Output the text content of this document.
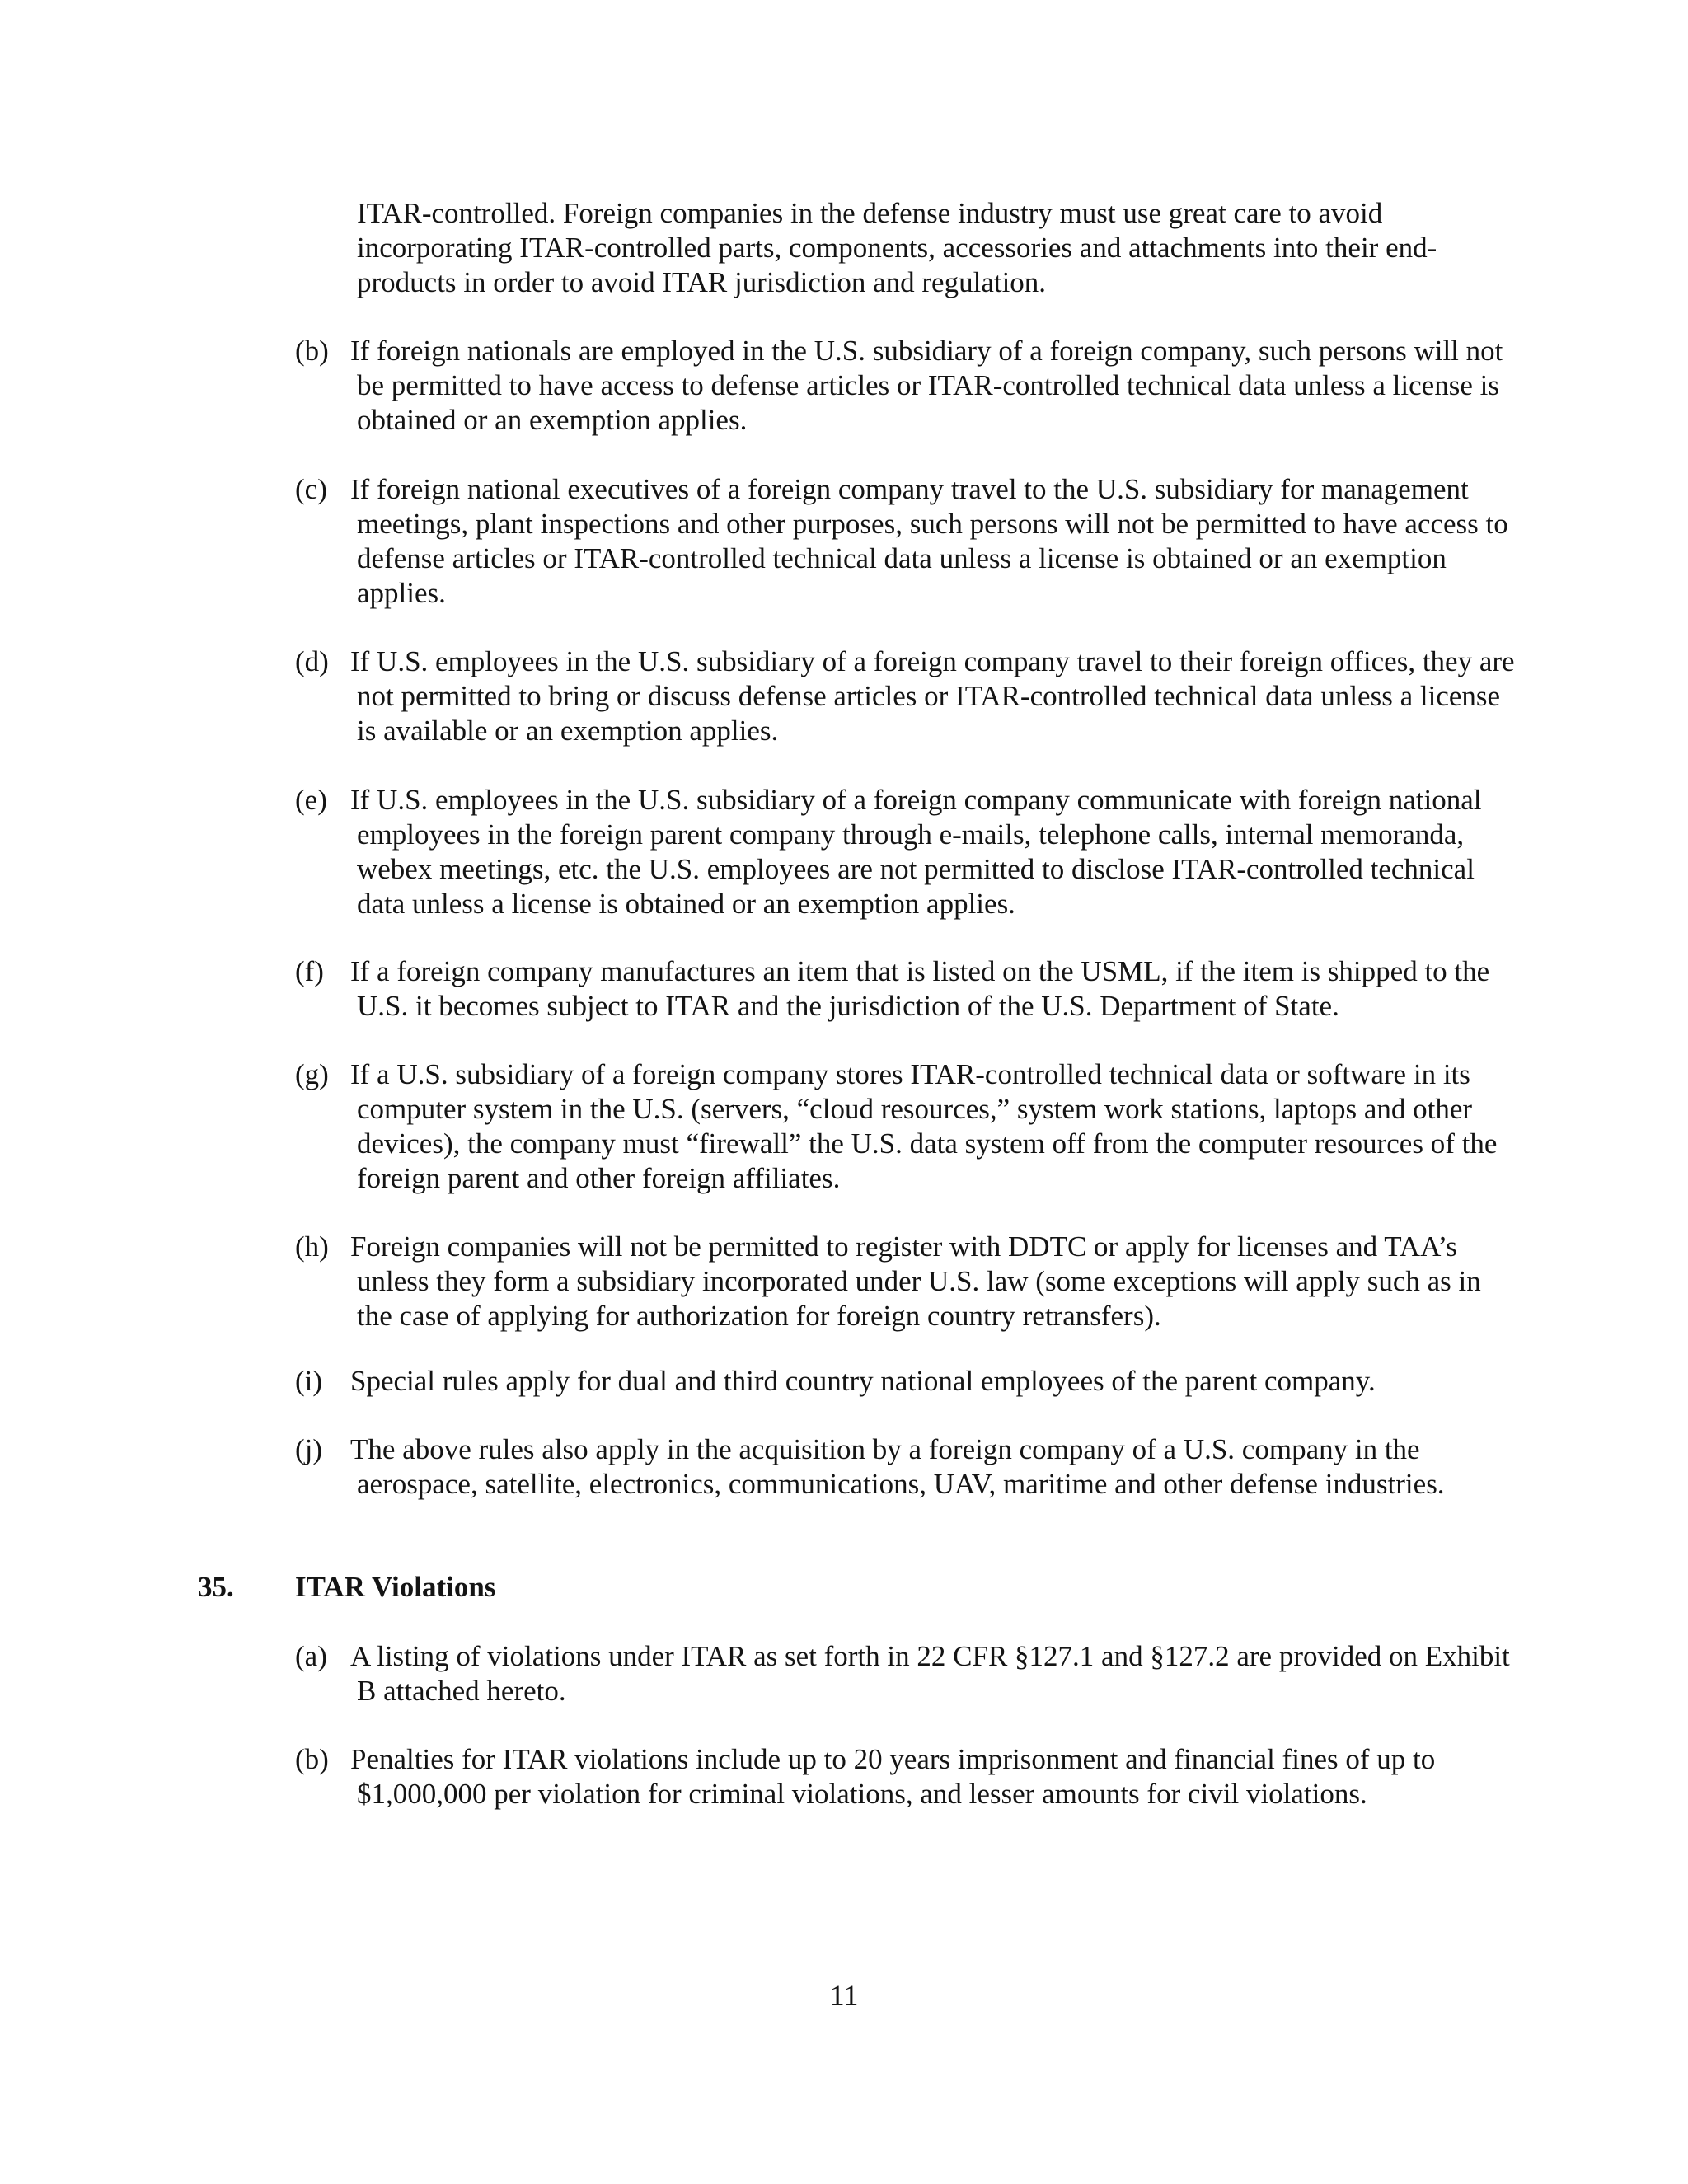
ITAR-controlled. Foreign companies in the defense industry must use great care to avoid incorporating ITAR-controlled parts, components, accessories and attachments into their end-products in order to avoid ITAR jurisdiction and regulation.
(b) If foreign nationals are employed in the U.S. subsidiary of a foreign company, such persons will not be permitted to have access to defense articles or ITAR-controlled technical data unless a license is obtained or an exemption applies.
(c) If foreign national executives of a foreign company travel to the U.S. subsidiary for management meetings, plant inspections and other purposes, such persons will not be permitted to have access to defense articles or ITAR-controlled technical data unless a license is obtained or an exemption applies.
(d) If U.S. employees in the U.S. subsidiary of a foreign company travel to their foreign offices, they are not permitted to bring or discuss defense articles or ITAR-controlled technical data unless a license is available or an exemption applies.
(e) If U.S. employees in the U.S. subsidiary of a foreign company communicate with foreign national employees in the foreign parent company through e-mails, telephone calls, internal memoranda, webex meetings, etc. the U.S. employees are not permitted to disclose ITAR-controlled technical data unless a license is obtained or an exemption applies.
(f) If a foreign company manufactures an item that is listed on the USML, if the item is shipped to the U.S. it becomes subject to ITAR and the jurisdiction of the U.S. Department of State.
(g) If a U.S. subsidiary of a foreign company stores ITAR-controlled technical data or software in its computer system in the U.S. (servers, “cloud resources,” system work stations, laptops and other devices), the company must “firewall” the U.S. data system off from the computer resources of the foreign parent and other foreign affiliates.
(h) Foreign companies will not be permitted to register with DDTC or apply for licenses and TAA’s unless they form a subsidiary incorporated under U.S. law (some exceptions will apply such as in the case of applying for authorization for foreign country retransfers).
(i) Special rules apply for dual and third country national employees of the parent company.
(j) The above rules also apply in the acquisition by a foreign company of a U.S. company in the aerospace, satellite, electronics, communications, UAV, maritime and other defense industries.
35. ITAR Violations
(a) A listing of violations under ITAR as set forth in 22 CFR §127.1 and §127.2 are provided on Exhibit B attached hereto.
(b) Penalties for ITAR violations include up to 20 years imprisonment and financial fines of up to $1,000,000 per violation for criminal violations, and lesser amounts for civil violations.
11
